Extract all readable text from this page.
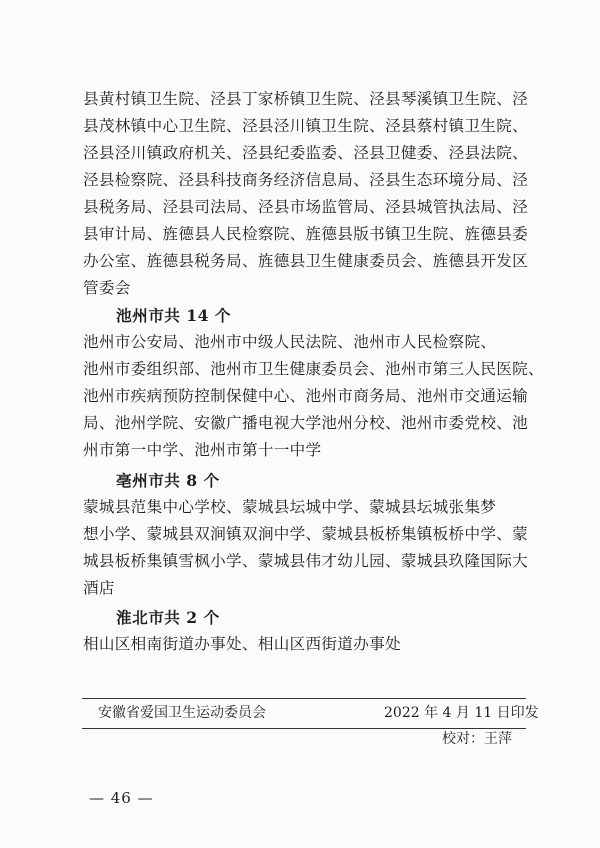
县黄村镇卫生院、泾县丁家桥镇卫生院、泾县琴溪镇卫生院、泾
县茂林镇中心卫生院、泾县泾川镇卫生院、泾县蔡村镇卫生院、
泾县泾川镇政府机关、泾县纪委监委、泾县卫健委、泾县法院、
泾县检察院、泾县科技商务经济信息局、泾县生态环境分局、泾
县税务局、泾县司法局、泾县市场监管局、泾县城管执法局、泾
县审计局、旌德县人民检察院、旌德县版书镇卫生院、旌德县委
办公室、旌德县税务局、旌德县卫生健康委员会、旌德县开发区
管委会
池州市共 14 个
池州市公安局、池州市中级人民法院、池州市人民检察院、
池州市委组织部、池州市卫生健康委员会、池州市第三人民医院、
池州市疾病预防控制保健中心、池州市商务局、池州市交通运输
局、池州学院、安徽广播电视大学池州分校、池州市委党校、池
州市第一中学、池州市第十一中学
亳州市共 8 个
蒙城县范集中心学校、蒙城县坛城中学、蒙城县坛城张集梦
想小学、蒙城县双涧镇双涧中学、蒙城县板桥集镇板桥中学、蒙
城县板桥集镇雪枫小学、蒙城县伟才幼儿园、蒙城县玖隆国际大
酒店
淮北市共 2 个
相山区相南街道办事处、相山区西街道办事处
安徽省爱国卫生运动委员会	2022 年 4 月 11 日印发
校对：王萍
— 46 —
